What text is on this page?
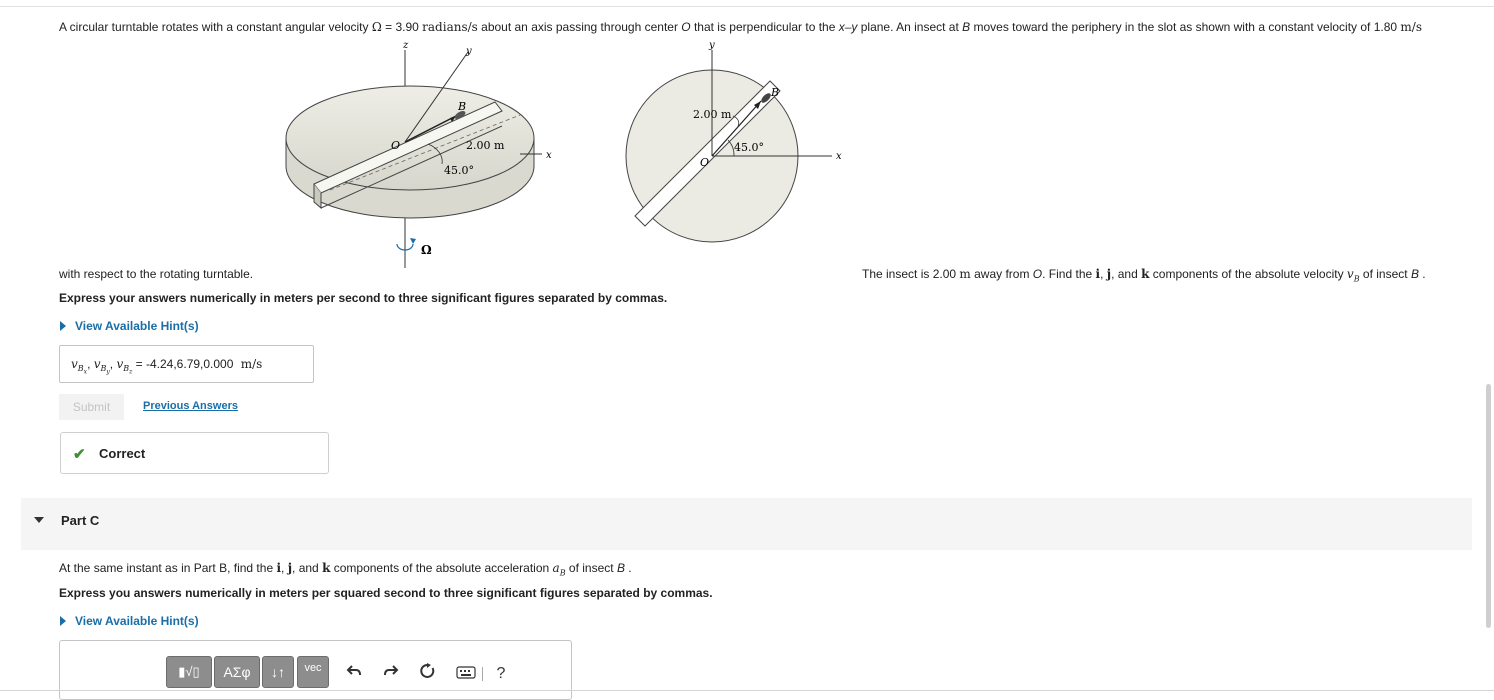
A circular turntable rotates with a constant angular velocity Ω = 3.90 radians/s about an axis passing through center O that is perpendicular to the x–y plane. An insect at B moves toward the periphery in the slot as shown with a constant velocity of 1.80 m/s
z
x
y
B
O	2.00 m
45.0°
Ω
y
x
O
B
2.00 m
45.0°
with respect to the rotating turntable.	The insect is 2.00 m away from O. Find the i, j, and k components of the absolute velocity $v_B$ of insect B .
Express your answers numerically in meters per second to three significant figures separated by commas.
View Available Hint(s)
$v_{B_x}$, $v_{B_y}$, $v_{B_z} = -4.24,6.79,0.000$ m/s
Submit	Previous Answers
✔ Correct
Part C
At the same instant as in Part B, find the i, j, and k components of the absolute acceleration $a_B$ of insect B .
Express you answers numerically in meters per squared second to three significant figures separated by commas.
View Available Hint(s)
▮√▯	ΑΣφ	↓↑	vec	?
